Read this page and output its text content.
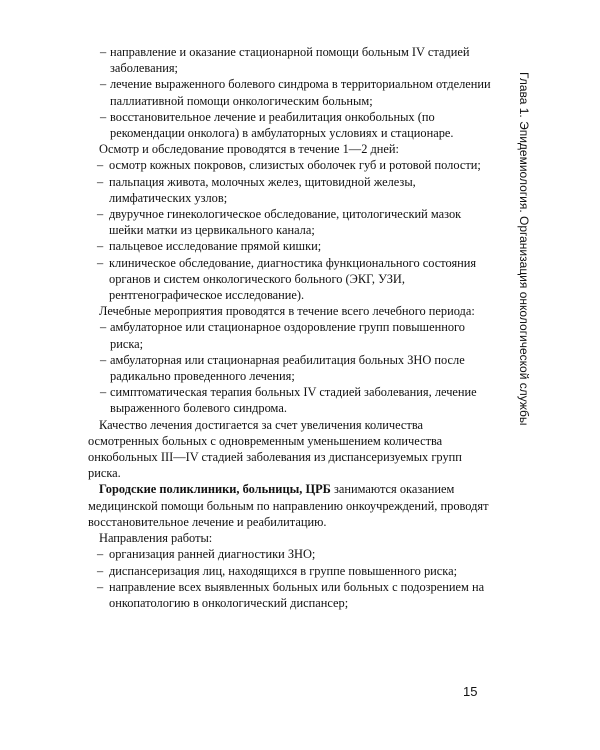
– направление и оказание стационарной помощи больным IV стадией заболевания;
– лечение выраженного болевого синдрома в территориальном отделении паллиативной помощи онкологическим больным;
– восстановительное лечение и реабилитация онкобольных (по рекомендации онколога) в амбулаторных условиях и стационаре.

Осмотр и обследование проводятся в течение 1—2 дней:

– осмотр кожных покровов, слизистых оболочек губ и ротовой полости;
– пальпация живота, молочных желез, щитовидной железы, лимфатических узлов;
– двуручное гинекологическое обследование, цитологический мазок шейки матки из цервикального канала;
– пальцевое исследование прямой кишки;
– клиническое обследование, диагностика функционального состояния органов и систем онкологического больного (ЭКГ, УЗИ, рентгенографическое исследование).

Лечебные мероприятия проводятся в течение всего лечебного периода:

– амбулаторное или стационарное оздоровление групп повышенного риска;
– амбулаторная или стационарная реабилитация больных ЗНО после радикально проведенного лечения;
– симптоматическая терапия больных IV стадией заболевания, лечение выраженного болевого синдрома.

Качество лечения достигается за счет увеличения количества осмотренных больных с одновременным уменьшением количества онкобольных III—IV стадией заболевания из диспансеризуемых групп риска.

Городские поликлиники, больницы, ЦРБ занимаются оказанием медицинской помощи больным по направлению онкоучреждений, проводят восстановительное лечение и реабилитацию.

Направления работы:

– организация ранней диагностики ЗНО;
– диспансеризация лиц, находящихся в группе повышенного риска;
– направление всех выявленных больных или больных с подозрением на онкопатологию в онкологический диспансер;
Глава 1. Эпидемиология. Организация онкологической службы
15
